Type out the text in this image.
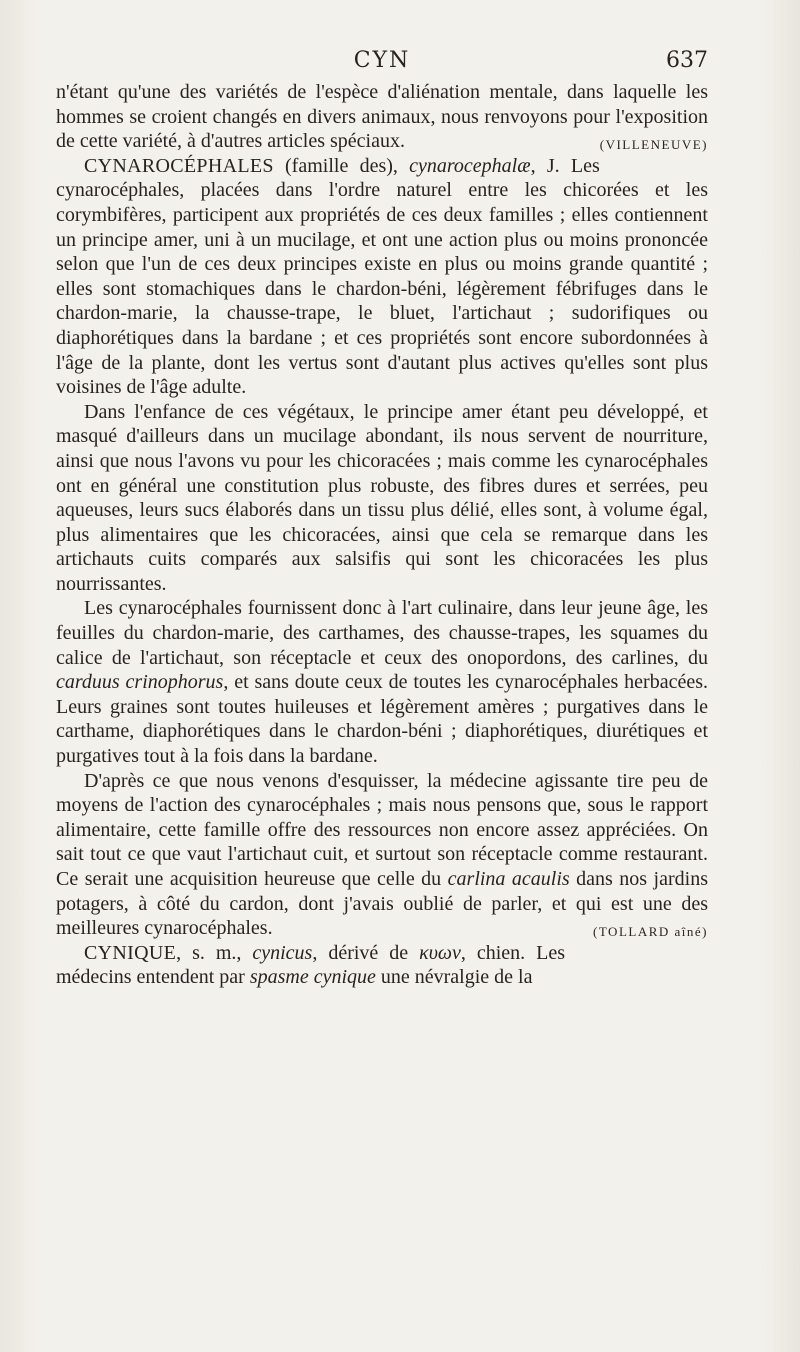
CYN	637

n'étant qu'une des variétés de l'espèce d'aliénation mentale, dans laquelle les hommes se croient changés en divers animaux, nous renvoyons pour l'exposition de cette variété, à d'autres articles spéciaux.	(VILLENEUVE)

CYNAROCÉPHALES (famille des), cynarocephalæ, J. Les cynarocéphales, placées dans l'ordre naturel entre les chicorées et les corymbifères, participent aux propriétés de ces deux familles ; elles contiennent un principe amer, uni à un mucilage, et ont une action plus ou moins prononcée selon que l'un de ces deux principes existe en plus ou moins grande quantité ; elles sont stomachiques dans le chardon-béni, légèrement fébrifuges dans le chardon-marie, la chausse-trape, le bluet, l'artichaut ; sudorifiques ou diaphorétiques dans la bardane ; et ces propriétés sont encore subordonnées à l'âge de la plante, dont les vertus sont d'autant plus actives qu'elles sont plus voisines de l'âge adulte.

Dans l'enfance de ces végétaux, le principe amer étant peu développé, et masqué d'ailleurs dans un mucilage abondant, ils nous servent de nourriture, ainsi que nous l'avons vu pour les chicoracées ; mais comme les cynarocéphales ont en général une constitution plus robuste, des fibres dures et serrées, peu aqueuses, leurs sucs élaborés dans un tissu plus délié, elles sont, à volume égal, plus alimentaires que les chicoracées, ainsi que cela se remarque dans les artichauts cuits comparés aux salsifis qui sont les chicoracées les plus nourrissantes.

Les cynarocéphales fournissent donc à l'art culinaire, dans leur jeune âge, les feuilles du chardon-marie, des carthames, des chausse-trapes, les squames du calice de l'artichaut, son réceptacle et ceux des onopordons, des carlines, du carduus crinophorus, et sans doute ceux de toutes les cynarocéphales herbacées. Leurs graines sont toutes huileuses et légèrement amères ; purgatives dans le carthame, diaphorétiques dans le chardon-béni ; diaphorétiques, diurétiques et purgatives tout à la fois dans la bardane.

D'après ce que nous venons d'esquisser, la médecine agissante tire peu de moyens de l'action des cynarocéphales ; mais nous pensons que, sous le rapport alimentaire, cette famille offre des ressources non encore assez appréciées. On sait tout ce que vaut l'artichaut cuit, et surtout son réceptacle comme restaurant. Ce serait une acquisition heureuse que celle du carlina acaulis dans nos jardins potagers, à côté du cardon, dont j'avais oublié de parler, et qui est une des meilleures cynarocéphales.	(TOLLARD aîné)

CYNIQUE, s. m., cynicus, dérivé de κυων, chien. Les médecins entendent par spasme cynique une névralgie de la
